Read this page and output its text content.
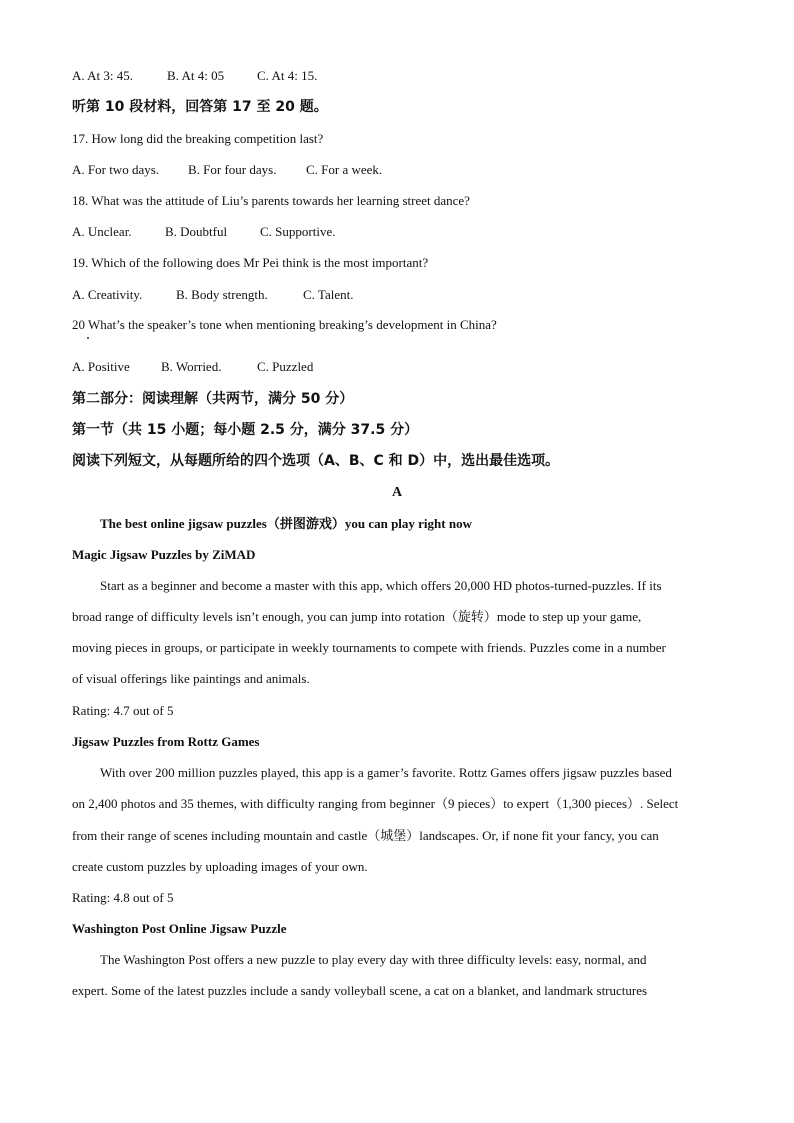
A. At 3: 45.	B. At 4: 05	C. At 4: 15.
听第 10 段材料，回答第 17 至 20 题。
17. How long did the breaking competition last?
A. For two days. B. For four days. C. For a week.
18. What was the attitude of Liu’s parents towards her learning street dance?
A. Unclear.	B. Doubtful	C. Supportive.
19. Which of the following does Mr Pei think is the most important?
A. Creativity.	B. Body strength.	C. Talent.
20 What’s the speaker’s tone when mentioning breaking’s development in China?
A. Positive B. Worried.	C. Puzzled
第二部分：阅读理解（共两节，满分 50 分）
第一节（共 15 小题；每小题 2.5 分，满分 37.5 分）
阅读下列短文，从每题所给的四个选项（A、B、C 和 D）中，选出最佳选项。
A
The best online jigsaw puzzles（拼图游戏）you can play right now
Magic Jigsaw Puzzles by ZiMAD
Start as a beginner and become a master with this app, which offers 20,000 HD photos-turned-puzzles. If its
broad range of difficulty levels isn’t enough, you can jump into rotation（旋转）mode to step up your game,
moving pieces in groups, or participate in weekly tournaments to compete with friends. Puzzles come in a number
of visual offerings like paintings and animals.
Rating: 4.7 out of 5
Jigsaw Puzzles from Rottz Games
With over 200 million puzzles played, this app is a gamer’s favorite. Rottz Games offers jigsaw puzzles based
on 2,400 photos and 35 themes, with difficulty ranging from beginner（9 pieces）to expert（1,300 pieces）. Select
from their range of scenes including mountain and castle（城堡）landscapes. Or, if none fit your fancy, you can
create custom puzzles by uploading images of your own.
Rating: 4.8 out of 5
Washington Post Online Jigsaw Puzzle
The Washington Post offers a new puzzle to play every day with three difficulty levels: easy, normal, and
expert. Some of the latest puzzles include a sandy volleyball scene, a cat on a blanket, and landmark structures
